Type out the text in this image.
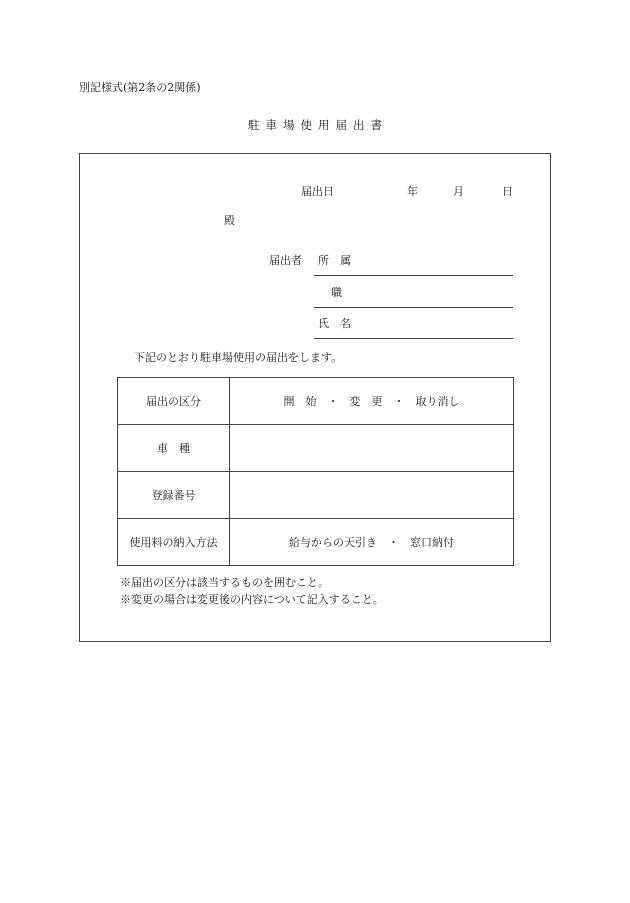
別記様式(第2条の2関係)
駐車場使用届出書
届出日	年	月	日
殿
届出者 所　属
職
氏　名
下記のとおり駐車場使用の届出をします。
届出の区分	開　始　・　変　更　・　取り消し
車　種	
登録番号	
使用料の納入方法	給与からの天引き　・　窓口納付
※届出の区分は該当するものを囲むこと。
※変更の場合は変更後の内容について記入すること。
